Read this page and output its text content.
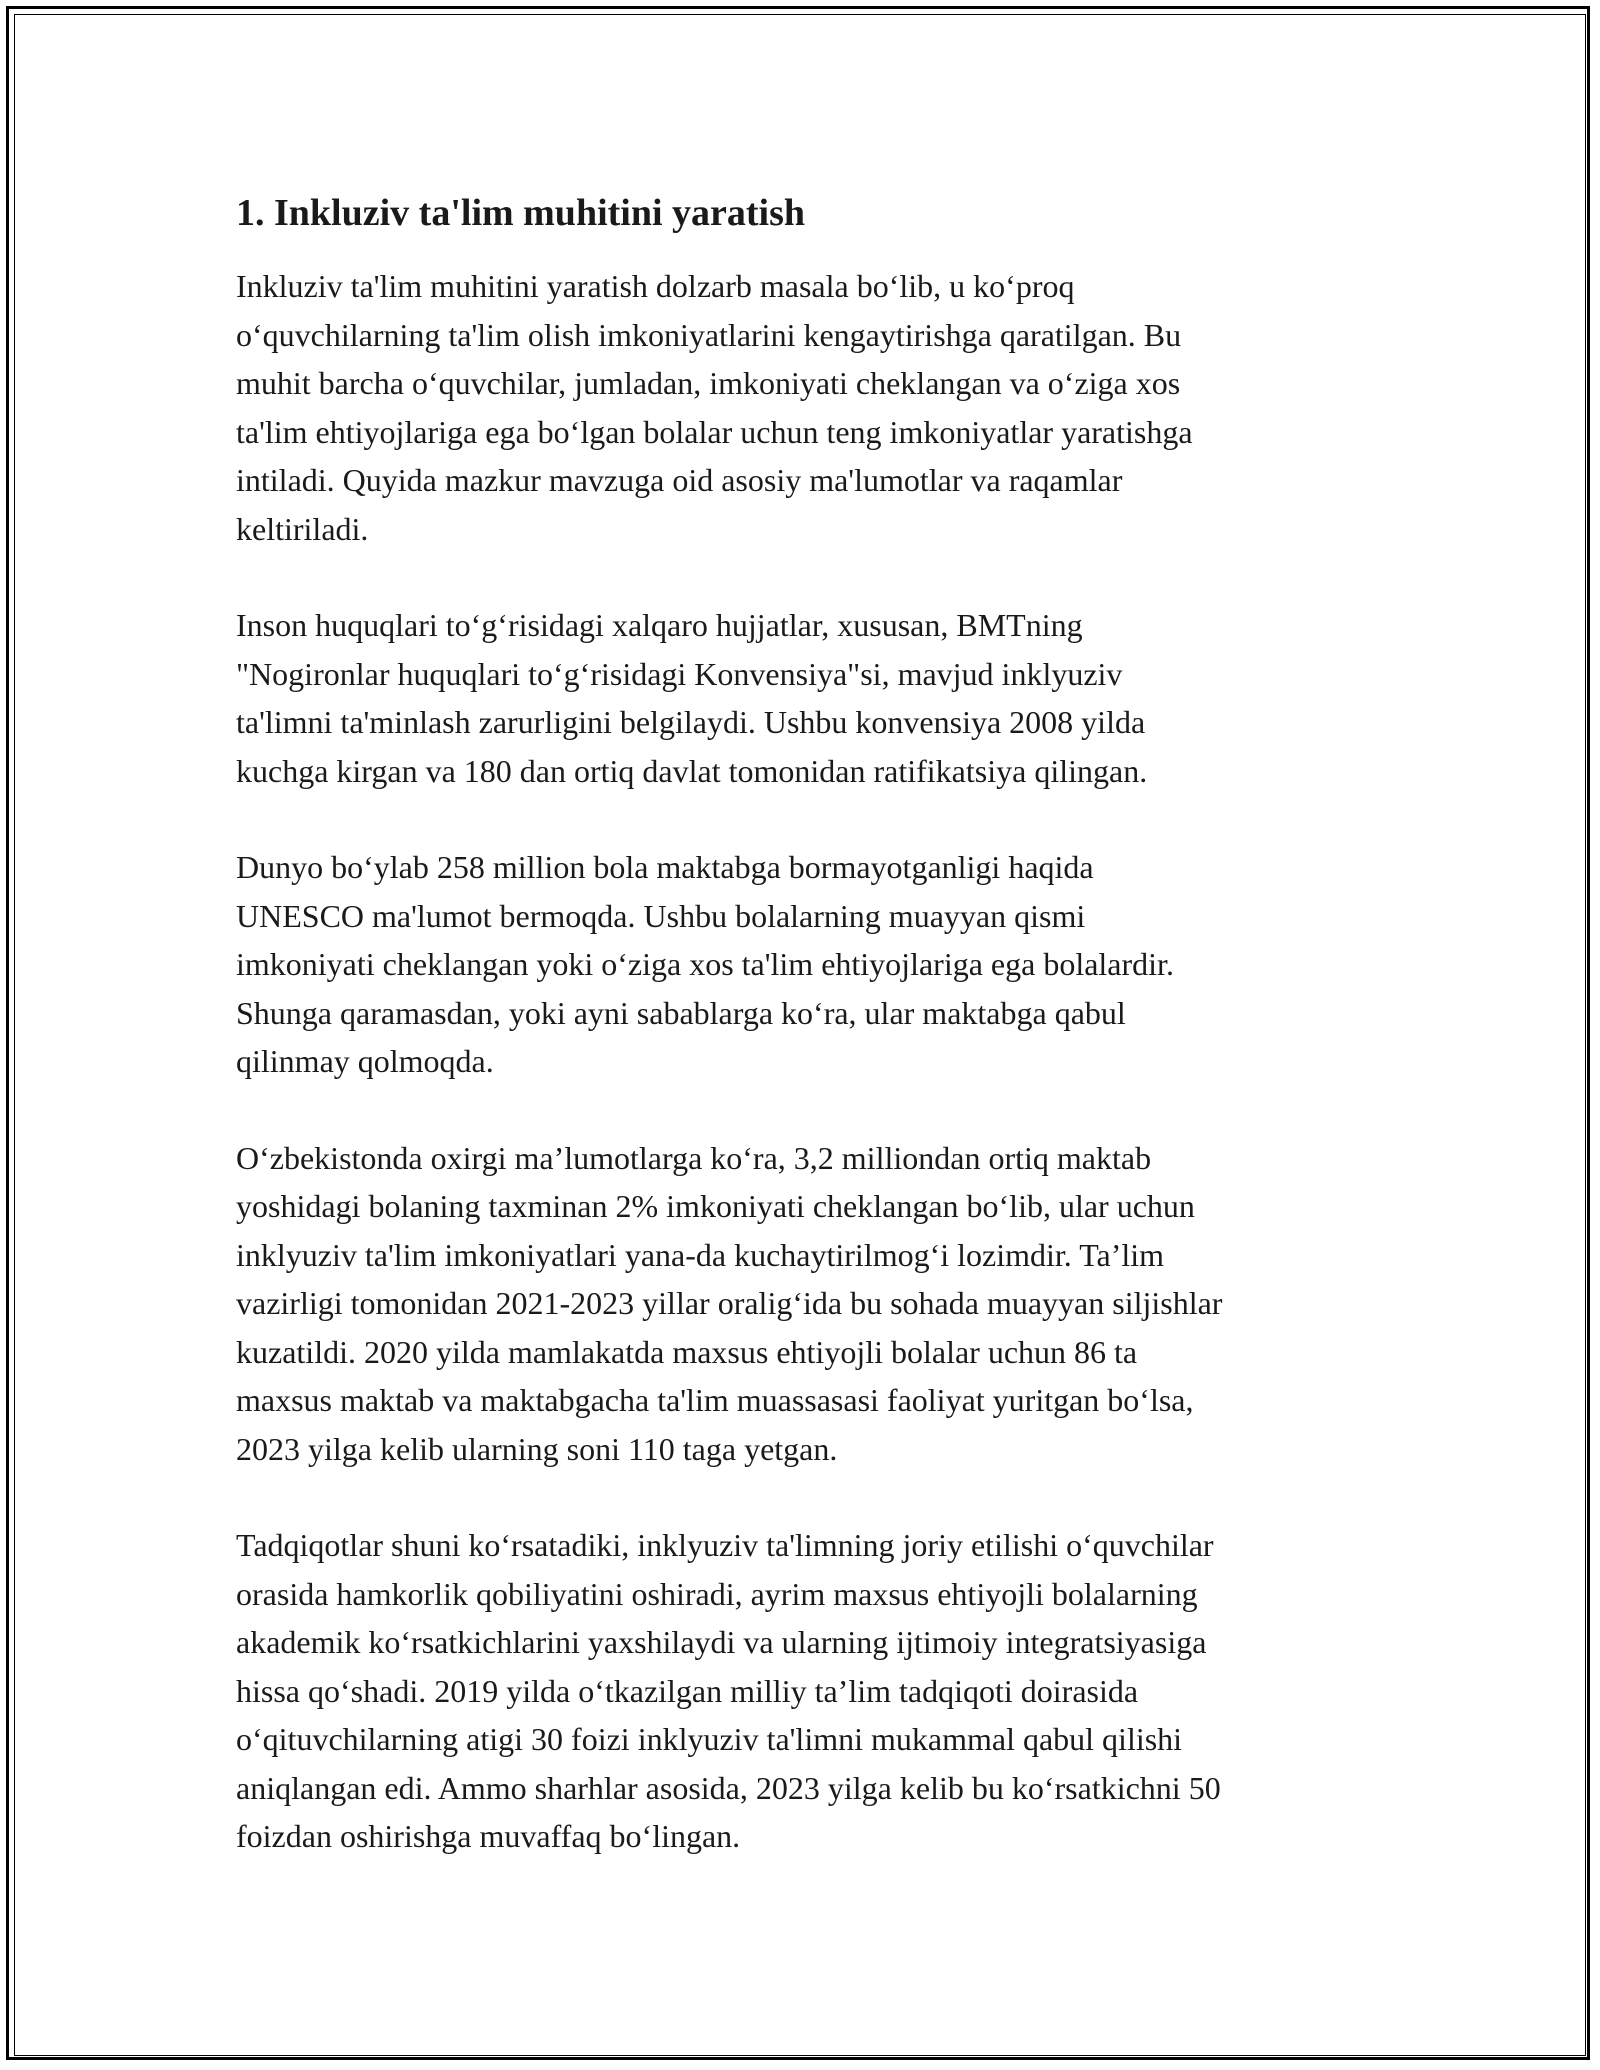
1. Inkluziv ta'lim muhitini yaratish

Inkluziv ta'lim muhitini yaratish dolzarb masala bo‘lib, u ko‘proq
o‘quvchilarning ta'lim olish imkoniyatlarini kengaytirishga qaratilgan. Bu
muhit barcha o‘quvchilar, jumladan, imkoniyati cheklangan va o‘ziga xos
ta'lim ehtiyojlariga ega bo‘lgan bolalar uchun teng imkoniyatlar yaratishga
intiladi. Quyida mazkur mavzuga oid asosiy ma'lumotlar va raqamlar
keltiriladi.

Inson huquqlari to‘g‘risidagi xalqaro hujjatlar, xususan, BMTning
"Nogironlar huquqlari to‘g‘risidagi Konvensiya"si, mavjud inklyuziv
ta'limni ta'minlash zarurligini belgilaydi. Ushbu konvensiya 2008 yilda
kuchga kirgan va 180 dan ortiq davlat tomonidan ratifikatsiya qilingan.

Dunyo bo‘ylab 258 million bola maktabga bormayotganligi haqida
UNESCO ma'lumot bermoqda. Ushbu bolalarning muayyan qismi
imkoniyati cheklangan yoki o‘ziga xos ta'lim ehtiyojlariga ega bolalardir.
Shunga qaramasdan, yoki ayni sabablarga ko‘ra, ular maktabga qabul
qilinmay qolmoqda.

O‘zbekistonda oxirgi ma’lumotlarga ko‘ra, 3,2 milliondan ortiq maktab
yoshidagi bolaning taxminan 2% imkoniyati cheklangan bo‘lib, ular uchun
inklyuziv ta'lim imkoniyatlari yana-da kuchaytirilmog‘i lozimdir. Ta’lim
vazirligi tomonidan 2021-2023 yillar oralig‘ida bu sohada muayyan siljishlar
kuzatildi. 2020 yilda mamlakatda maxsus ehtiyojli bolalar uchun 86 ta
maxsus maktab va maktabgacha ta'lim muassasasi faoliyat yuritgan bo‘lsa,
2023 yilga kelib ularning soni 110 taga yetgan.

Tadqiqotlar shuni ko‘rsatadiki, inklyuziv ta'limning joriy etilishi o‘quvchilar
orasida hamkorlik qobiliyatini oshiradi, ayrim maxsus ehtiyojli bolalarning
akademik ko‘rsatkichlarini yaxshilaydi va ularning ijtimoiy integratsiyasiga
hissa qo‘shadi. 2019 yilda o‘tkazilgan milliy ta’lim tadqiqoti doirasida
o‘qituvchilarning atigi 30 foizi inklyuziv ta'limni mukammal qabul qilishi
aniqlangan edi. Ammo sharhlar asosida, 2023 yilga kelib bu ko‘rsatkichni 50
foizdan oshirishga muvaffaq bo‘lingan.
